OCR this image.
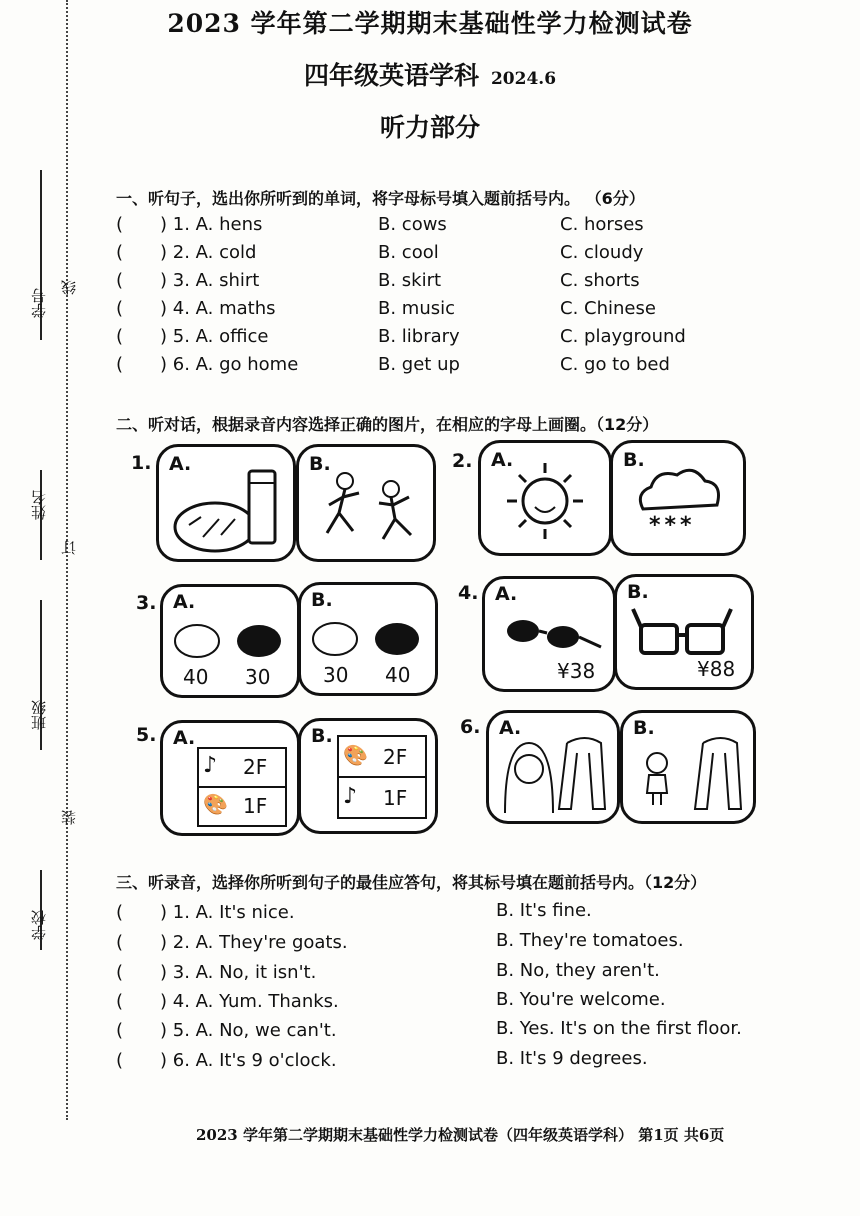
学号
线
姓名
订
班级
装
学校
2023 学年第二学期期末基础性学力检测试卷
四年级英语学科 2024.6
听力部分
一、听句子，选出你所听到的单词，将字母标号填入题前括号内。 （6分）
( ) 1. A. hens	B. cows	C. horses
( ) 2. A. cold	B. cool	C. cloudy
( ) 3. A. shirt	B. skirt	C. shorts
( ) 4. A. maths	B. music	C. Chinese
( ) 5. A. office	B. library	C. playground
( ) 6. A. go home	B. get up	C. go to bed
二、听对话，根据录音内容选择正确的图片，在相应的字母上画圈。（12分）
1. A.	B.	2. A.	B.
***
3. A.
40 30
B.
30 40
4. A.
¥38
B.
¥88
5. A.
♪ 2F
🎨 1F
B.
🎨 2F
♪ 1F
6. A.	B.
三、听录音，选择你所听到句子的最佳应答句，将其标号填在题前括号内。（12分）
( ) 1. A. It's nice.	B. It's fine.
( ) 2. A. They're goats.	B. They're tomatoes.
( ) 3. A. No, it isn't.	B. No, they aren't.
( ) 4. A. Yum. Thanks.	B. You're welcome.
( ) 5. A. No, we can't.	B. Yes. It's on the first floor.
( ) 6. A. It's 9 o'clock.	B. It's 9 degrees.
2023 学年第二学期期末基础性学力检测试卷（四年级英语学科） 第1页 共6页
